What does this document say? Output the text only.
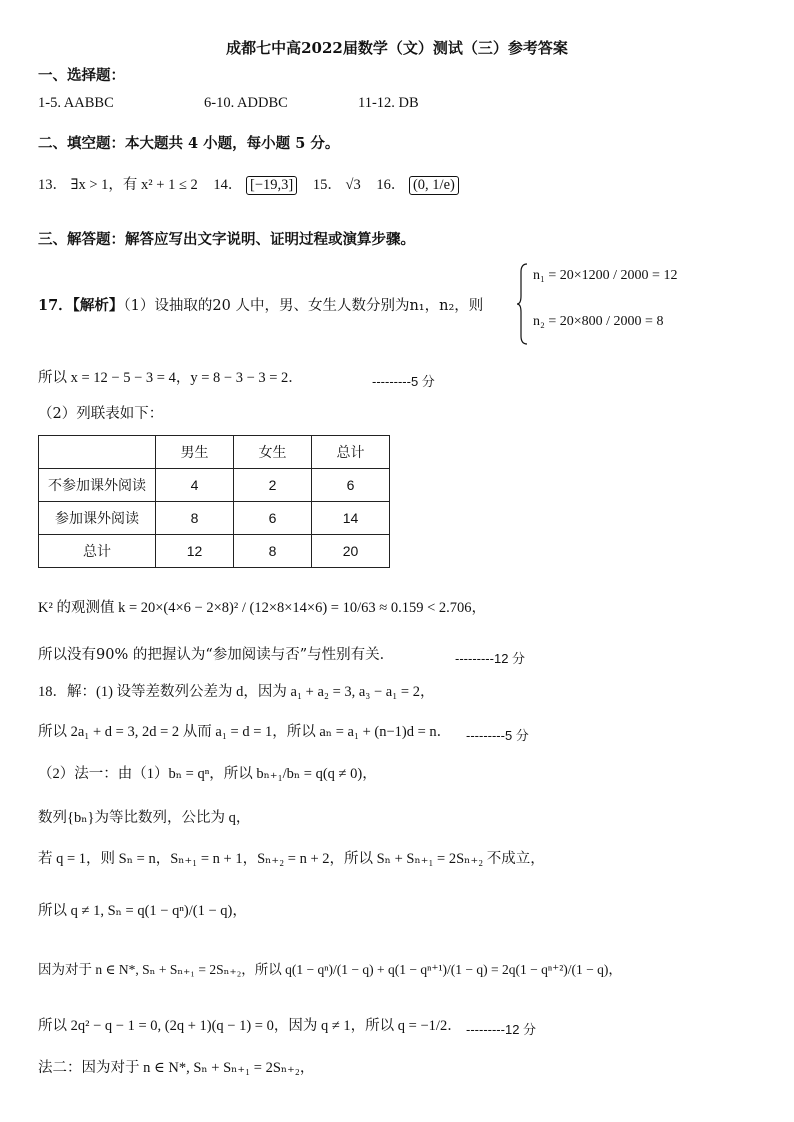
成都七中高2022届数学（文）测试（三）参考答案
一、选择题：
1-5. AABBC	6-10. ADDBC	11-12. DB
二、填空题：本大题共 4 小题，每小题 5 分。
13． ∃x > 1，有 x² + 1 ≤ 2 14． [−19,3] 15． √3 16． (0, 1/e)
三、解答题：解答应写出文字说明、证明过程或演算步骤。
17．【解析】（1）设抽取的20 人中，男、女生人数分别为n₁，n₂，则
n₁ = 20×1200 / 2000 = 12
n₂ = 20×800 / 2000 = 8
所以 x = 12 − 5 − 3 = 4，y = 8 − 3 − 3 = 2．	---------5 分
（2）列联表如下：
	男生	女生	总计
不参加课外阅读	4	2	6
参加课外阅读	8	6	14
总计	12	8	20
K² 的观测值 k = 20×(4×6 − 2×8)² / (12×8×14×6) = 10/63 ≈ 0.159 < 2.706，
所以没有90% 的把握认为“参加阅读与否”与性别有关．	---------12 分
18．解：(1) 设等差数列公差为 d，因为 a₁ + a₂ = 3, a₃ − a₁ = 2，
所以 2a₁ + d = 3, 2d = 2 从而 a₁ = d = 1，所以 aₙ = a₁ + (n−1)d = n． ---------5 分
（2）法一：由（1）bₙ = qⁿ，所以 bₙ₊₁/bₙ = q(q ≠ 0)，
数列{bₙ}为等比数列，公比为 q，
若 q = 1，则 Sₙ = n，Sₙ₊₁ = n + 1，Sₙ₊₂ = n + 2，所以 Sₙ + Sₙ₊₁ = 2Sₙ₊₂ 不成立，
所以 q ≠ 1, Sₙ = q(1 − qⁿ)/(1 − q)，
因为对于 n ∈ N*, Sₙ + Sₙ₊₁ = 2Sₙ₊₂，所以 q(1 − qⁿ)/(1 − q) + q(1 − qⁿ⁺¹)/(1 − q) = 2q(1 − qⁿ⁺²)/(1 − q)，
所以 2q² − q − 1 = 0, (2q + 1)(q − 1) = 0，因为 q ≠ 1，所以 q = −1/2． ---------12 分
法二：因为对于 n ∈ N*, Sₙ + Sₙ₊₁ = 2Sₙ₊₂，
